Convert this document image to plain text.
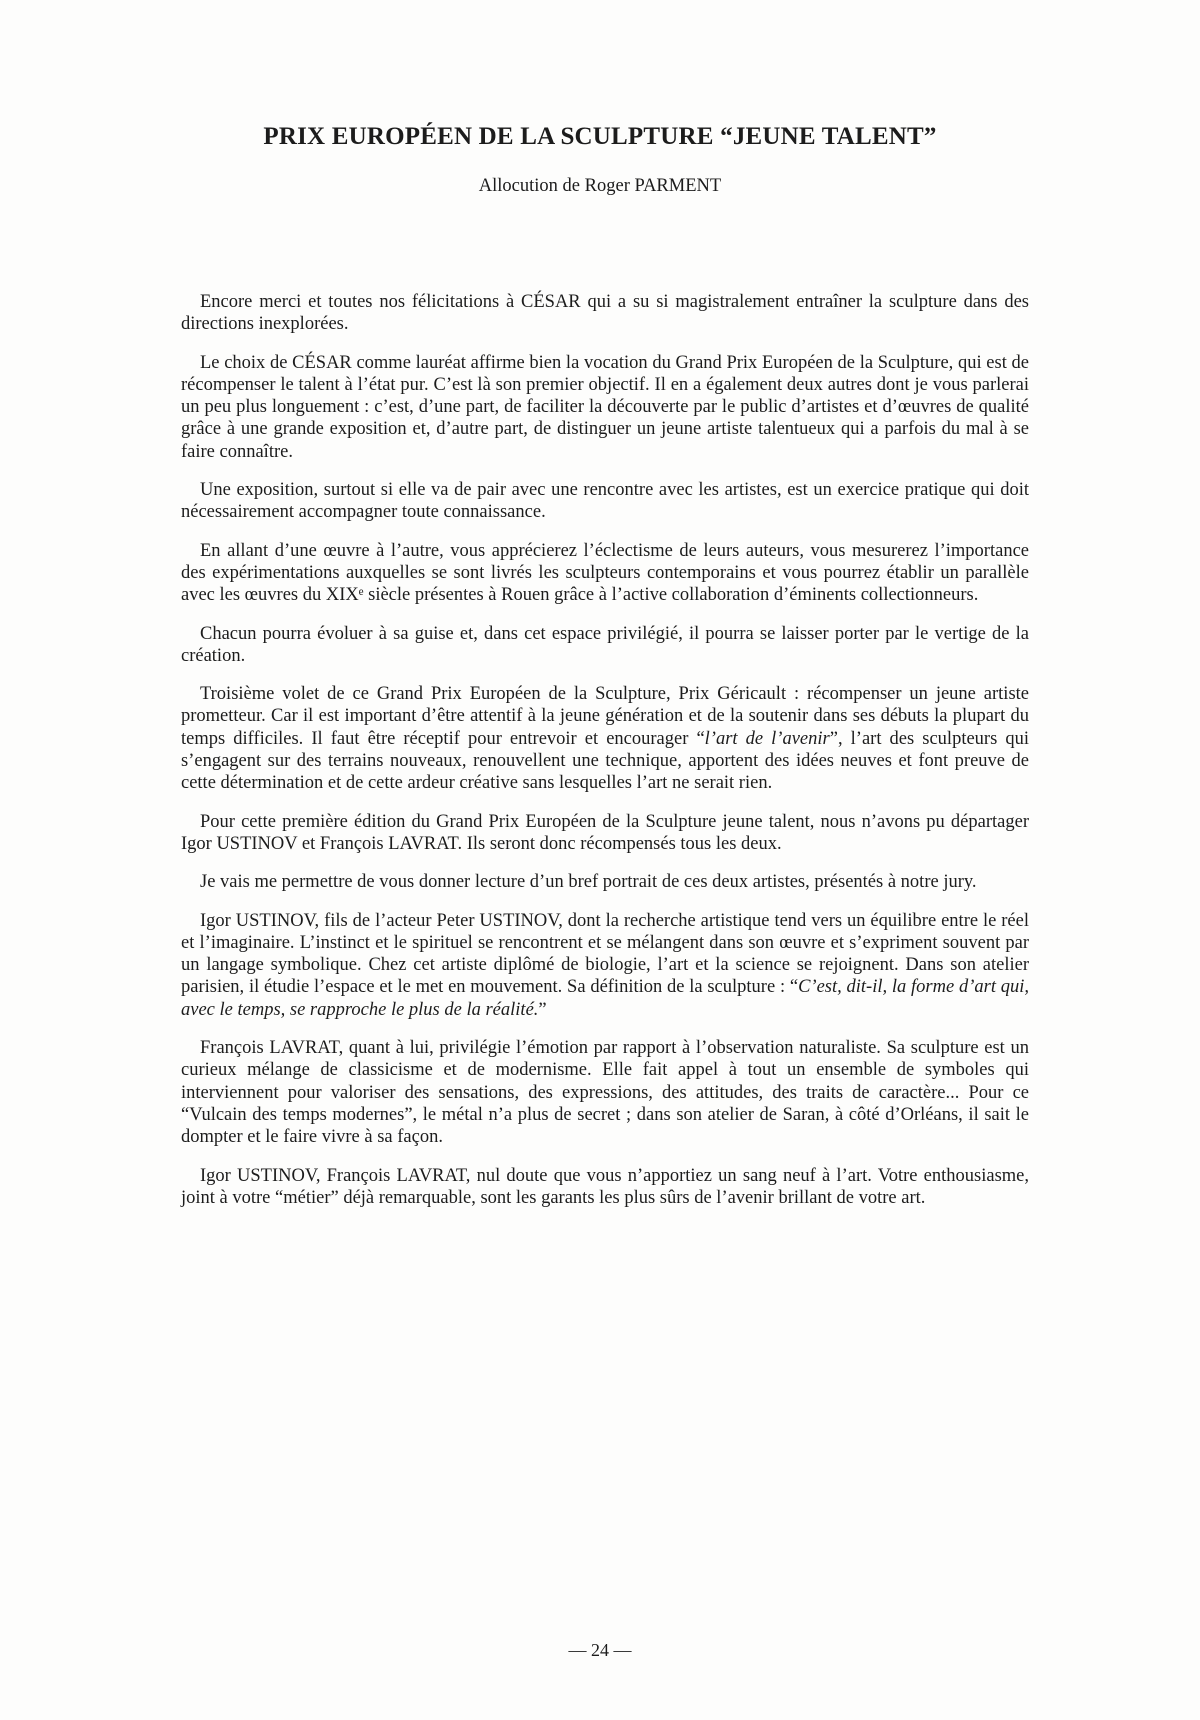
PRIX EUROPÉEN DE LA SCULPTURE “JEUNE TALENT”

Allocution de Roger PARMENT

Encore merci et toutes nos félicitations à CÉSAR qui a su si magistralement entraîner la sculpture dans des directions inexplorées.

Le choix de CÉSAR comme lauréat affirme bien la vocation du Grand Prix Européen de la Sculpture, qui est de récompenser le talent à l’état pur. C’est là son premier objectif. Il en a également deux autres dont je vous parlerai un peu plus longuement : c’est, d’une part, de faciliter la découverte par le public d’artistes et d’œuvres de qualité grâce à une grande exposition et, d’autre part, de distinguer un jeune artiste talentueux qui a parfois du mal à se faire connaître.

Une exposition, surtout si elle va de pair avec une rencontre avec les artistes, est un exercice pratique qui doit nécessairement accompagner toute connaissance.

En allant d’une œuvre à l’autre, vous apprécierez l’éclectisme de leurs auteurs, vous mesurerez l’importance des expérimentations auxquelles se sont livrés les sculpteurs contemporains et vous pourrez établir un parallèle avec les œuvres du XIXᵉ siècle présentes à Rouen grâce à l’active collaboration d’éminents collectionneurs.

Chacun pourra évoluer à sa guise et, dans cet espace privilégié, il pourra se laisser porter par le vertige de la création.

Troisième volet de ce Grand Prix Européen de la Sculpture, Prix Géricault : récompenser un jeune artiste prometteur. Car il est important d’être attentif à la jeune génération et de la soutenir dans ses débuts la plupart du temps difficiles. Il faut être réceptif pour entrevoir et encourager “l’art de l’avenir”, l’art des sculpteurs qui s’engagent sur des terrains nouveaux, renouvellent une technique, apportent des idées neuves et font preuve de cette détermination et de cette ardeur créative sans lesquelles l’art ne serait rien.

Pour cette première édition du Grand Prix Européen de la Sculpture jeune talent, nous n’avons pu départager Igor USTINOV et François LAVRAT. Ils seront donc récompensés tous les deux.

Je vais me permettre de vous donner lecture d’un bref portrait de ces deux artistes, présentés à notre jury.

Igor USTINOV, fils de l’acteur Peter USTINOV, dont la recherche artistique tend vers un équilibre entre le réel et l’imaginaire. L’instinct et le spirituel se rencontrent et se mélangent dans son œuvre et s’expriment souvent par un langage symbolique. Chez cet artiste diplômé de biologie, l’art et la science se rejoignent. Dans son atelier parisien, il étudie l’espace et le met en mouvement. Sa définition de la sculpture : “C’est, dit-il, la forme d’art qui, avec le temps, se rapproche le plus de la réalité.”

François LAVRAT, quant à lui, privilégie l’émotion par rapport à l’observation naturaliste. Sa sculpture est un curieux mélange de classicisme et de modernisme. Elle fait appel à tout un ensemble de symboles qui interviennent pour valoriser des sensations, des expressions, des attitudes, des traits de caractère... Pour ce “Vulcain des temps modernes”, le métal n’a plus de secret ; dans son atelier de Saran, à côté d’Orléans, il sait le dompter et le faire vivre à sa façon.

Igor USTINOV, François LAVRAT, nul doute que vous n’apportiez un sang neuf à l’art. Votre enthousiasme, joint à votre “métier” déjà remarquable, sont les garants les plus sûrs de l’avenir brillant de votre art.

— 24 —
